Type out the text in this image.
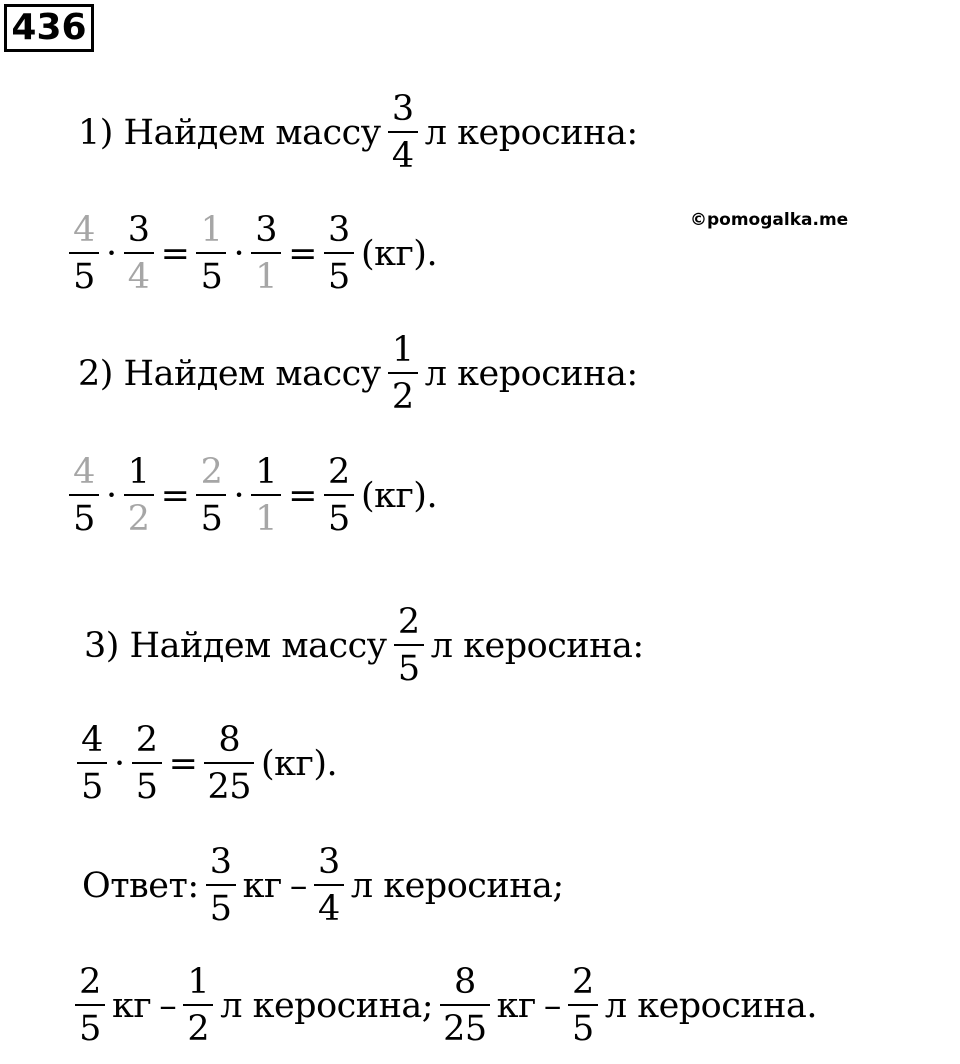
436
©pomogalka.me
1) Найдем массу $\frac{3}{4}$ л керосина:
$\frac{4}{5} \cdot \frac{3}{4} = \frac{1}{5} \cdot \frac{3}{1} = \frac{3}{5} (кг)$.
2) Найдем массу $\frac{1}{2}$ л керосина:
$\frac{4}{5} \cdot \frac{1}{2} = \frac{2}{5} \cdot \frac{1}{1} = \frac{2}{5} (кг)$.
3) Найдем массу $\frac{2}{5}$ л керосина:
$\frac{4}{5} \cdot \frac{2}{5} = \frac{8}{25} (кг)$.
Ответ: $\frac{3}{5}$ кг – $\frac{3}{4}$ л керосина;
$\frac{2}{5}$ кг – $\frac{1}{2}$ л керосина; $\frac{8}{25}$ кг – $\frac{2}{5}$ л керосина.
